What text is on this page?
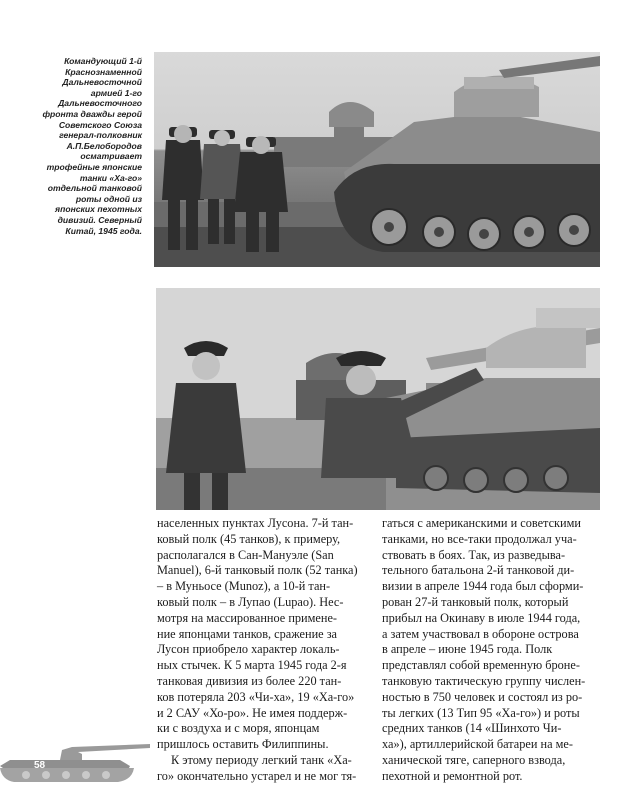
Командующий 1-й
Краснознаменной
Дальневосточной
армией 1-го
Дальневосточного
фронта дважды герой
Советского Союза
генерал-полковник
А.П.Белобородов
осматривает
трофейные японские
танки «Ха-го»
отдельной танковой
роты одной из
японских пехотных
дивизий. Северный
Китай, 1945 года.
населенных пунктах Лусона. 7-й тан-
ковый полк (45 танков), к примеру,
располагался в Сан-Мануэле (San
Manuel), 6-й танковый полк (52 танка)
– в Муньосе (Munoz), а 10-й тан-
ковый полк – в Лупао (Lupao). Нес-
мотря на массированное примене-
ние японцами танков, сражение за
Лусон приобрело характер локаль-
ных стычек. К 5 марта 1945 года 2-я
танковая дивизия из более 220 тан-
ков потеряла 203 «Чи-ха», 19 «Ха-го»
и 2 САУ «Хо-ро». Не имея поддерж-
ки с воздуха и с моря, японцам
пришлось оставить Филиппины.
К этому периоду легкий танк «Ха-
го» окончательно устарел и не мог тя-
гаться с американскими и советскими
танками, но все-таки продолжал уча-
ствовать в боях. Так, из разведыва-
тельного батальона 2-й танковой ди-
визии в апреле 1944 года был сформи-
рован 27-й танковый полк, который
прибыл на Окинаву в июле 1944 года,
а затем участвовал в обороне острова
в апреле – июне 1945 года. Полк
представлял собой временную броне-
танковую тактическую группу числен-
ностью в 750 человек и состоял из ро-
ты легких (13 Тип 95 «Ха-го») и роты
средних танков (14 «Шинхото Чи-
ха»), артиллерийской батареи на ме-
ханической тяге, саперного взвода,
пехотной и ремонтной рот.
58
